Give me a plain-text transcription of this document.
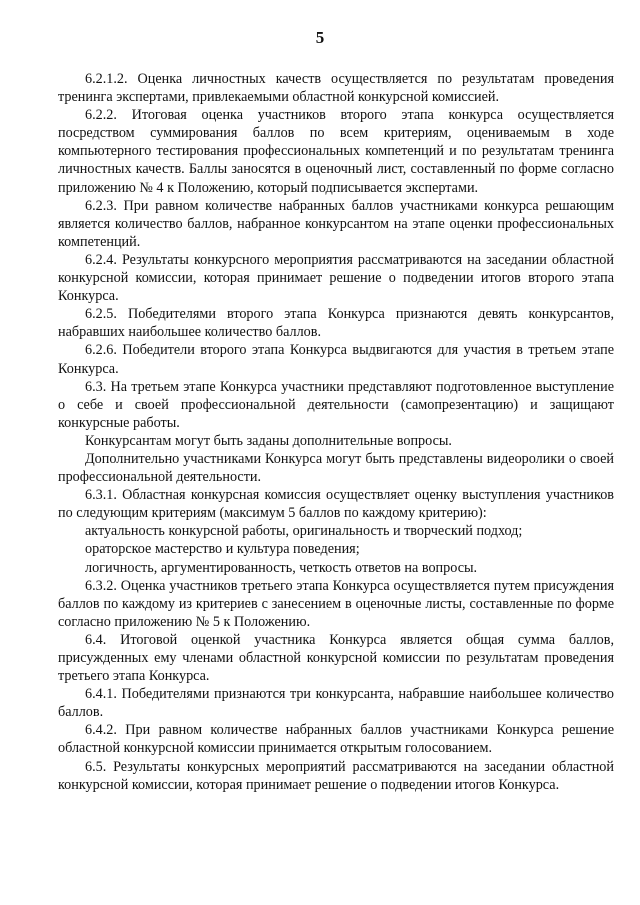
5

6.2.1.2. Оценка личностных качеств осуществляется по результатам проведения тренинга экспертами, привлекаемыми областной конкурсной комиссией.

6.2.2. Итоговая оценка участников второго этапа конкурса осуществляется посредством суммирования баллов по всем критериям, оцениваемым в ходе компьютерного тестирования профессиональных компетенций и по результатам тренинга личностных качеств. Баллы заносятся в оценочный лист, составленный по форме согласно приложению № 4 к Положению, который подписывается экспертами.

6.2.3. При равном количестве набранных баллов участниками конкурса решающим является количество баллов, набранное конкурсантом на этапе оценки профессиональных компетенций.

6.2.4. Результаты конкурсного мероприятия рассматриваются на заседании областной конкурсной комиссии, которая принимает решение о подведении итогов второго этапа Конкурса.

6.2.5. Победителями второго этапа Конкурса признаются девять конкурсантов, набравших наибольшее количество баллов.

6.2.6. Победители второго этапа Конкурса выдвигаются для участия в третьем этапе Конкурса.

6.3. На третьем этапе Конкурса участники представляют подготовленное выступление о себе и своей профессиональной деятельности (самопрезентацию) и защищают конкурсные работы.

Конкурсантам могут быть заданы дополнительные вопросы.

Дополнительно участниками Конкурса могут быть представлены видеоролики о своей профессиональной деятельности.

6.3.1. Областная конкурсная комиссия осуществляет оценку выступления участников по следующим критериям (максимум 5 баллов по каждому критерию):

актуальность конкурсной работы, оригинальность и творческий подход;

ораторское мастерство и культура поведения;

логичность, аргументированность, четкость ответов на вопросы.

6.3.2. Оценка участников третьего этапа Конкурса осуществляется путем присуждения баллов по каждому из критериев с занесением в оценочные листы, составленные по форме согласно приложению № 5 к Положению.

6.4. Итоговой оценкой участника Конкурса является общая сумма баллов, присужденных ему членами областной конкурсной комиссии по результатам проведения третьего этапа Конкурса.

6.4.1. Победителями признаются три конкурсанта, набравшие наибольшее количество баллов.

6.4.2. При равном количестве набранных баллов участниками Конкурса решение областной конкурсной комиссии принимается открытым голосованием.

6.5. Результаты конкурсных мероприятий рассматриваются на заседании областной конкурсной комиссии, которая принимает решение о подведении итогов Конкурса.
